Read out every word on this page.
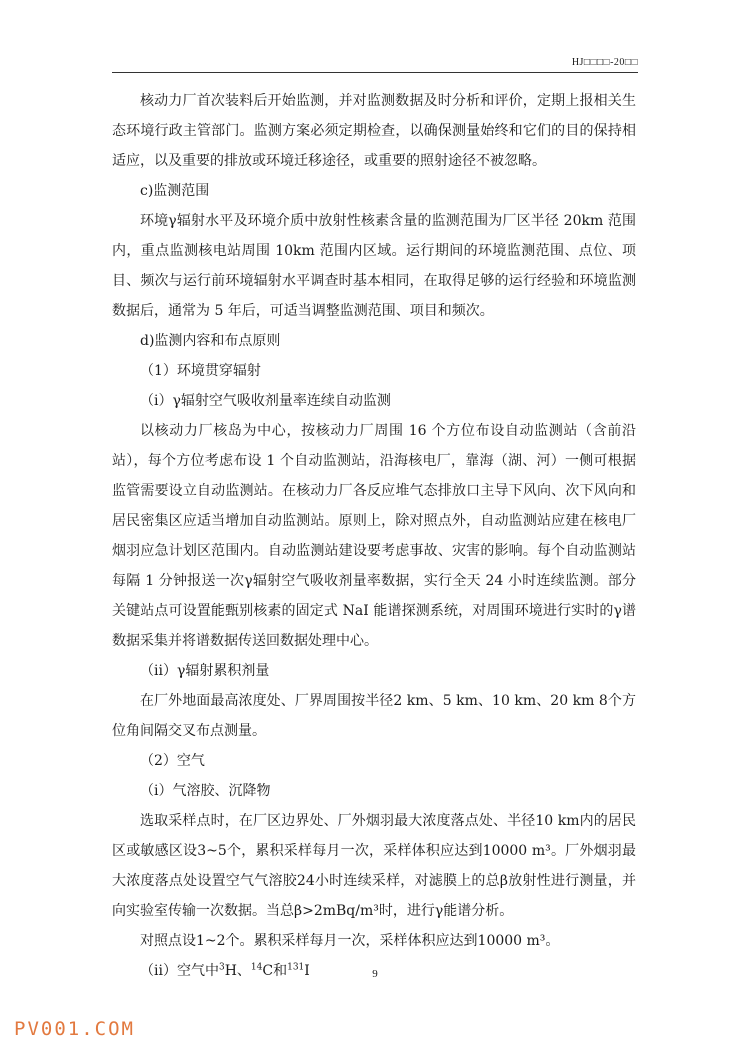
HJ□□□□-20□□

核动力厂首次装料后开始监测，并对监测数据及时分析和评价，定期上报相关生态环境行政主管部门。监测方案必须定期检查，以确保测量始终和它们的目的保持相适应，以及重要的排放或环境迁移途径，或重要的照射途径不被忽略。

c)监测范围

环境γ辐射水平及环境介质中放射性核素含量的监测范围为厂区半径 20km 范围内，重点监测核电站周围 10km 范围内区域。运行期间的环境监测范围、点位、项目、频次与运行前环境辐射水平调查时基本相同，在取得足够的运行经验和环境监测数据后，通常为 5 年后，可适当调整监测范围、项目和频次。

d)监测内容和布点原则

（1）环境贯穿辐射

（i）γ辐射空气吸收剂量率连续自动监测

以核动力厂核岛为中心，按核动力厂周围 16 个方位布设自动监测站（含前沿站），每个方位考虑布设 1 个自动监测站，沿海核电厂，靠海（湖、河）一侧可根据监管需要设立自动监测站。在核动力厂各反应堆气态排放口主导下风向、次下风向和居民密集区应适当增加自动监测站。原则上，除对照点外，自动监测站应建在核电厂烟羽应急计划区范围内。自动监测站建设要考虑事故、灾害的影响。每个自动监测站每隔 1 分钟报送一次γ辐射空气吸收剂量率数据，实行全天 24 小时连续监测。部分关键站点可设置能甄别核素的固定式 NaI 能谱探测系统，对周围环境进行实时的γ谱数据采集并将谱数据传送回数据处理中心。

（ii）γ辐射累积剂量

在厂外地面最高浓度处、厂界周围按半径2 km、5 km、10 km、20 km 8个方位角间隔交叉布点测量。

（2）空气

（i）气溶胶、沉降物

选取采样点时，在厂区边界处、厂外烟羽最大浓度落点处、半径10 km内的居民区或敏感区设3~5个，累积采样每月一次，采样体积应达到10000 m³。厂外烟羽最大浓度落点处设置空气气溶胶24小时连续采样，对滤膜上的总β放射性进行测量，并向实验室传输一次数据。当总β>2mBq/m³时，进行γ能谱分析。

对照点设1~2个。累积采样每月一次，采样体积应达到10000 m³。

（ii）空气中$^3$H、$^{14}$C和$^{131}$I	9
PV001.COM
